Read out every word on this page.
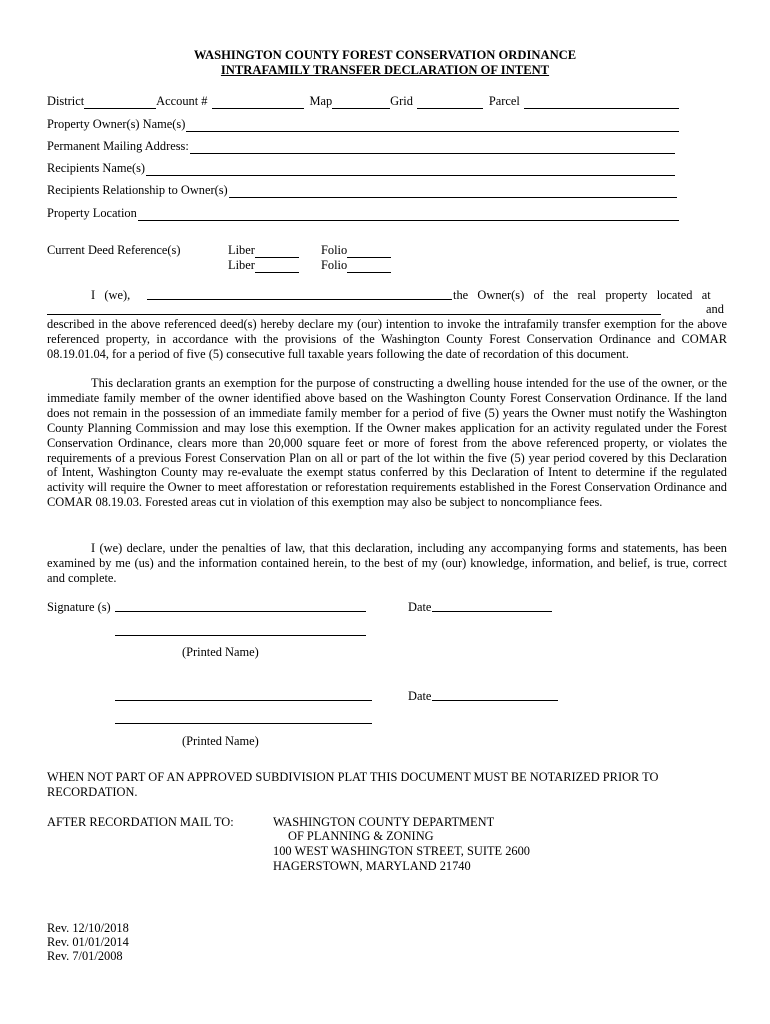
WASHINGTON COUNTY FOREST CONSERVATION ORDINANCE
INTRAFAMILY TRANSFER DECLARATION OF INTENT
District	Account #	Map	Grid	Parcel
Property Owner(s) Name(s)
Permanent Mailing Address:
Recipients Name(s)
Recipients Relationship to Owner(s)
Property Location
Current Deed Reference(s)	Liber	Folio
Liber	Folio
I   (we),	the   Owner(s)   of   the   real   property   located   at
and
described in the above referenced deed(s) hereby declare my (our) intention to invoke the intrafamily transfer exemption for the above referenced property, in accordance with the provisions of the Washington County Forest Conservation Ordinance and COMAR 08.19.01.04, for a period of five (5) consecutive full taxable years following the date of recordation of this document.
This declaration grants an exemption for the purpose of constructing a dwelling house intended for the use of the owner, or the immediate family member of the owner identified above based on the Washington County Forest Conservation Ordinance. If the land does not remain in the possession of an immediate family member for a period of five (5) years the Owner must notify the Washington County Planning Commission and may lose this exemption. If the Owner makes application for an activity regulated under the Forest Conservation Ordinance, clears more than 20,000 square feet or more of forest from the above referenced property, or violates the requirements of a previous Forest Conservation Plan on all or part of the lot within the five (5) year period covered by this Declaration of Intent, Washington County may re-evaluate the exempt status conferred by this Declaration of Intent to determine if the regulated activity will require the Owner to meet afforestation or reforestation requirements established in the Forest Conservation Ordinance and COMAR 08.19.03. Forested areas cut in violation of this exemption may also be subject to noncompliance fees.
I (we) declare, under the penalties of law, that this declaration, including any accompanying forms and statements, has been examined by me (us) and the information contained herein, to the best of my (our) knowledge, information, and belief, is true, correct and complete.
Signature (s)	Date
(Printed Name)
Date
(Printed Name)
WHEN NOT PART OF AN APPROVED SUBDIVISION PLAT THIS DOCUMENT MUST BE NOTARIZED PRIOR TO RECORDATION.
AFTER RECORDATION MAIL TO:	WASHINGTON COUNTY DEPARTMENT
OF PLANNING & ZONING
100 WEST WASHINGTON STREET, SUITE 2600
HAGERSTOWN, MARYLAND 21740
Rev. 12/10/2018
Rev. 01/01/2014
Rev. 7/01/2008
